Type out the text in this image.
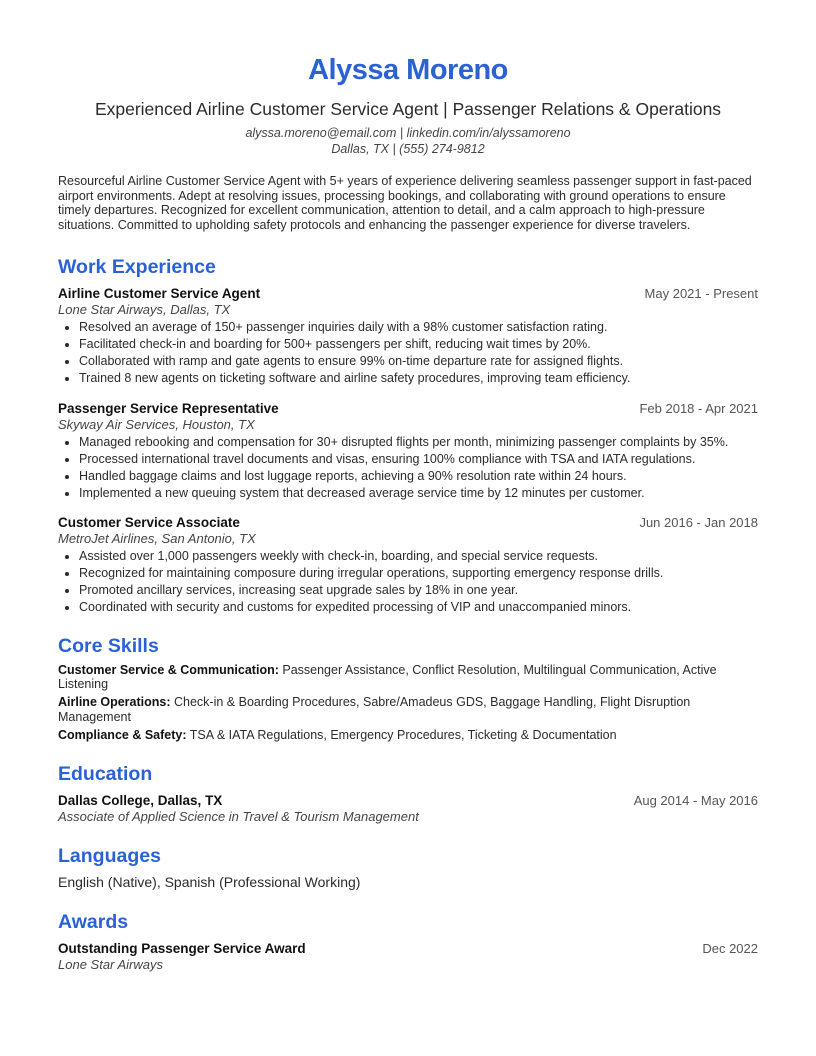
Alyssa Moreno
Experienced Airline Customer Service Agent | Passenger Relations & Operations
alyssa.moreno@email.com | linkedin.com/in/alyssamoreno
Dallas, TX | (555) 274-9812
Resourceful Airline Customer Service Agent with 5+ years of experience delivering seamless passenger support in fast-paced airport environments. Adept at resolving issues, processing bookings, and collaborating with ground operations to ensure timely departures. Recognized for excellent communication, attention to detail, and a calm approach to high-pressure situations. Committed to upholding safety protocols and enhancing the passenger experience for diverse travelers.
Work Experience
Airline Customer Service Agent	May 2021 - Present
Lone Star Airways, Dallas, TX
• Resolved an average of 150+ passenger inquiries daily with a 98% customer satisfaction rating.
• Facilitated check-in and boarding for 500+ passengers per shift, reducing wait times by 20%.
• Collaborated with ramp and gate agents to ensure 99% on-time departure rate for assigned flights.
• Trained 8 new agents on ticketing software and airline safety procedures, improving team efficiency.
Passenger Service Representative	Feb 2018 - Apr 2021
Skyway Air Services, Houston, TX
• Managed rebooking and compensation for 30+ disrupted flights per month, minimizing passenger complaints by 35%.
• Processed international travel documents and visas, ensuring 100% compliance with TSA and IATA regulations.
• Handled baggage claims and lost luggage reports, achieving a 90% resolution rate within 24 hours.
• Implemented a new queuing system that decreased average service time by 12 minutes per customer.
Customer Service Associate	Jun 2016 - Jan 2018
MetroJet Airlines, San Antonio, TX
• Assisted over 1,000 passengers weekly with check-in, boarding, and special service requests.
• Recognized for maintaining composure during irregular operations, supporting emergency response drills.
• Promoted ancillary services, increasing seat upgrade sales by 18% in one year.
• Coordinated with security and customs for expedited processing of VIP and unaccompanied minors.
Core Skills
Customer Service & Communication: Passenger Assistance, Conflict Resolution, Multilingual Communication, Active Listening
Airline Operations: Check-in & Boarding Procedures, Sabre/Amadeus GDS, Baggage Handling, Flight Disruption Management
Compliance & Safety: TSA & IATA Regulations, Emergency Procedures, Ticketing & Documentation
Education
Dallas College, Dallas, TX	Aug 2014 - May 2016
Associate of Applied Science in Travel & Tourism Management
Languages
English (Native), Spanish (Professional Working)
Awards
Outstanding Passenger Service Award	Dec 2022
Lone Star Airways
